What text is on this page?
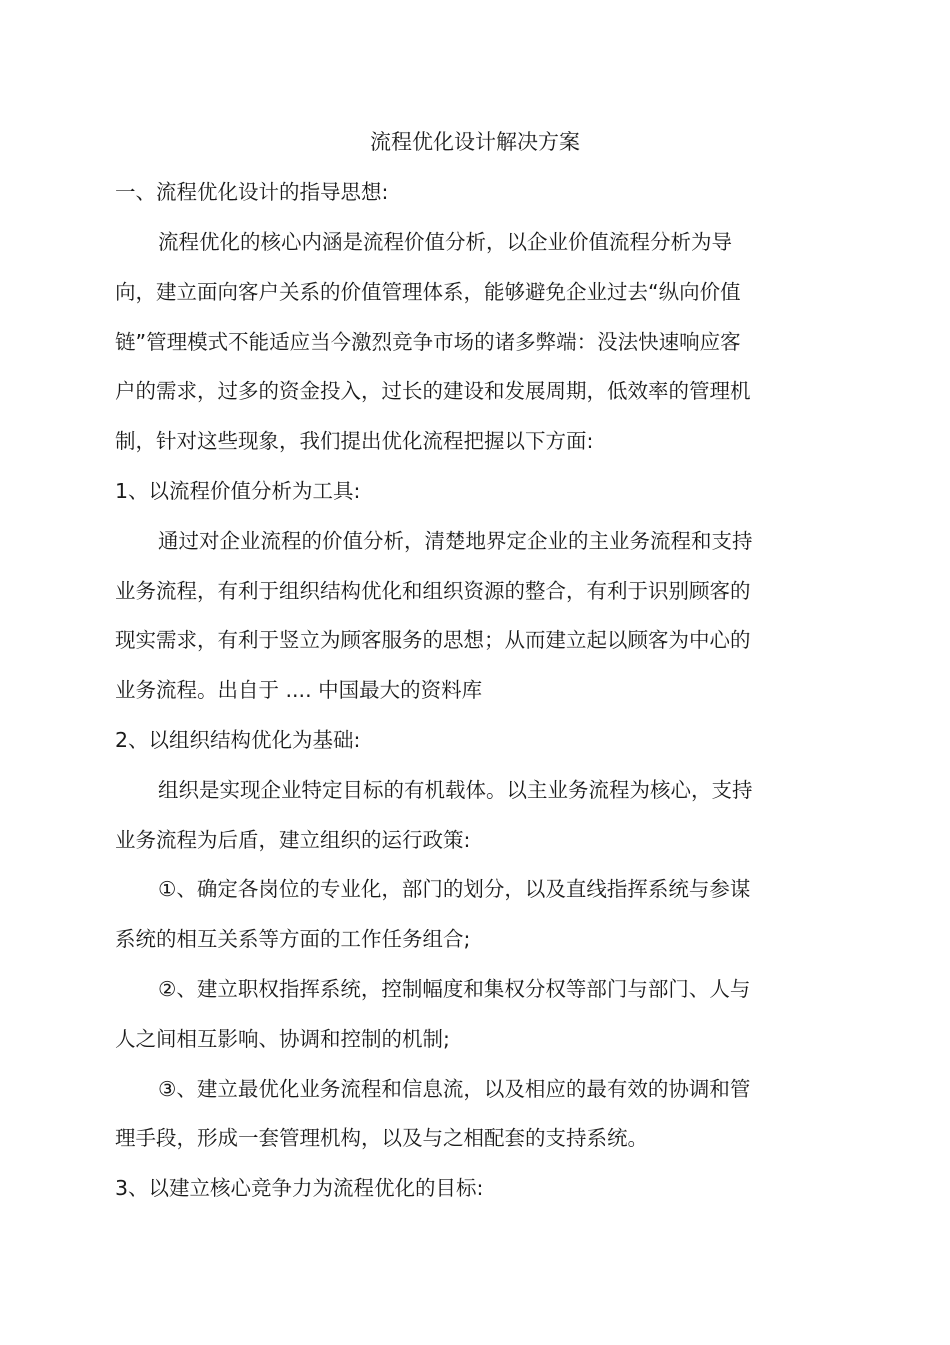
流程优化设计解决方案
一、流程优化设计的指导思想:
流程优化的核心内涵是流程价值分析，以企业价值流程分析为导
向，建立面向客户关系的价值管理体系，能够避免企业过去“纵向价值
链”管理模式不能适应当今激烈竞争市场的诸多弊端：没法快速响应客
户的需求，过多的资金投入，过长的建设和发展周期，低效率的管理机
制，针对这些现象，我们提出优化流程把握以下方面:
1、以流程价值分析为工具:
通过对企业流程的价值分析，清楚地界定企业的主业务流程和支持
业务流程，有利于组织结构优化和组织资源的整合，有利于识别顾客的
现实需求，有利于竖立为顾客服务的思想；从而建立起以顾客为中心的
业务流程。出自于 .... 中国最大的资料库
2、以组织结构优化为基础:
组织是实现企业特定目标的有机载体。以主业务流程为核心，支持
业务流程为后盾，建立组织的运行政策:
①、确定各岗位的专业化，部门的划分，以及直线指挥系统与参谋
系统的相互关系等方面的工作任务组合;
②、建立职权指挥系统，控制幅度和集权分权等部门与部门、人与
人之间相互影响、协调和控制的机制;
③、建立最优化业务流程和信息流，以及相应的最有效的协调和管
理手段，形成一套管理机构，以及与之相配套的支持系统。
3、以建立核心竞争力为流程优化的目标:
